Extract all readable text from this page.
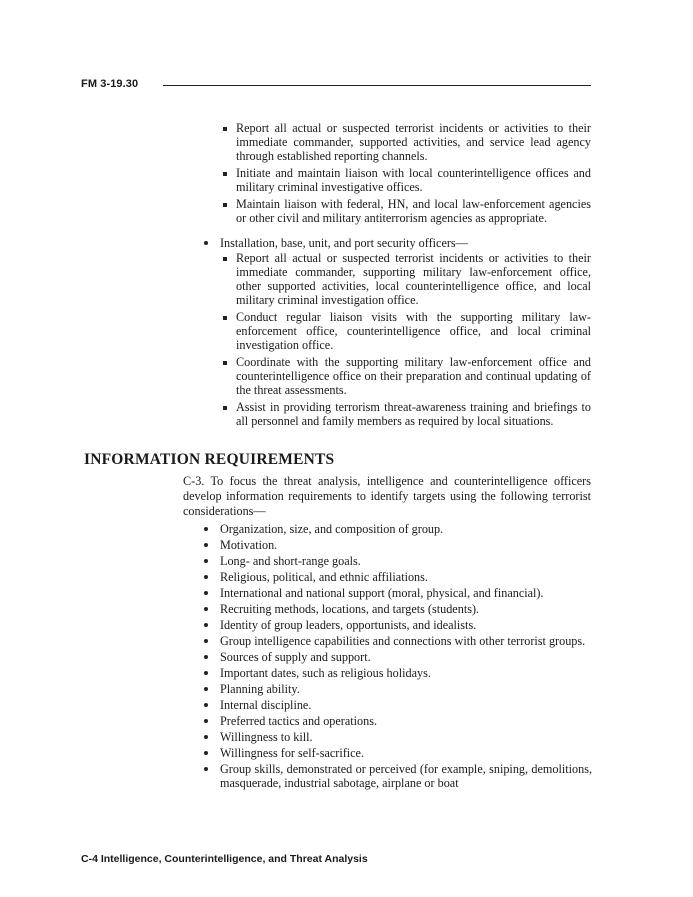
FM 3-19.30
Report all actual or suspected terrorist incidents or activities to their immediate commander, supported activities, and service lead agency through established reporting channels.
Initiate and maintain liaison with local counterintelligence offices and military criminal investigative offices.
Maintain liaison with federal, HN, and local law-enforcement agencies or other civil and military antiterrorism agencies as appropriate.
Installation, base, unit, and port security officers—
Report all actual or suspected terrorist incidents or activities to their immediate commander, supporting military law-enforcement office, other supported activities, local counterintelligence office, and local military criminal investigation office.
Conduct regular liaison visits with the supporting military law-enforcement office, counterintelligence office, and local criminal investigation office.
Coordinate with the supporting military law-enforcement office and counterintelligence office on their preparation and continual updating of the threat assessments.
Assist in providing terrorism threat-awareness training and briefings to all personnel and family members as required by local situations.
INFORMATION REQUIREMENTS

C-3. To focus the threat analysis, intelligence and counterintelligence officers develop information requirements to identify targets using the following terrorist considerations—

Organization, size, and composition of group.
Motivation.
Long- and short-range goals.
Religious, political, and ethnic affiliations.
International and national support (moral, physical, and financial).
Recruiting methods, locations, and targets (students).
Identity of group leaders, opportunists, and idealists.
Group intelligence capabilities and connections with other terrorist groups.
Sources of supply and support.
Important dates, such as religious holidays.
Planning ability.
Internal discipline.
Preferred tactics and operations.
Willingness to kill.
Willingness for self-sacrifice.
Group skills, demonstrated or perceived (for example, sniping, demolitions, masquerade, industrial sabotage, airplane or boat
C-4 Intelligence, Counterintelligence, and Threat Analysis
